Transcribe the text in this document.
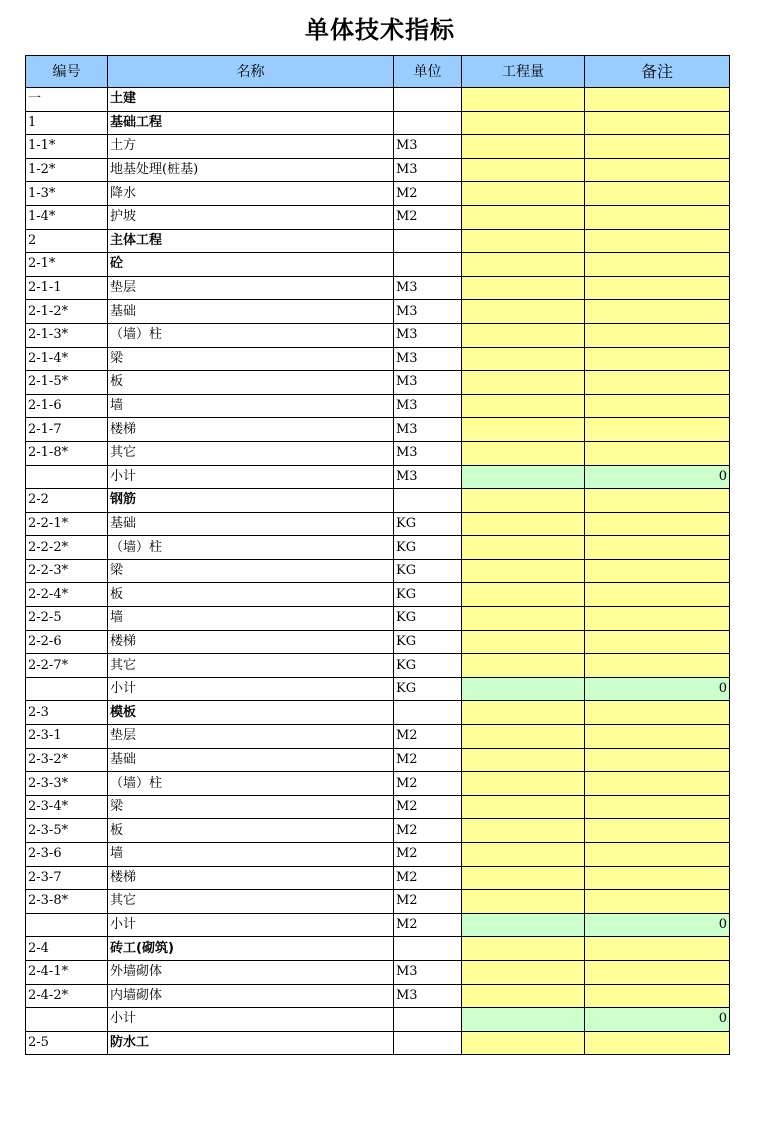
单体技术指标
编号	名称	单位	工程量	备注
一	土建			
1	基础工程			
1-1*	土方	M3		
1-2*	地基处理(桩基)	M3		
1-3*	降水	M2		
1-4*	护坡	M2		
2	主体工程			
2-1*	砼			
2-1-1	垫层	M3		
2-1-2*	基础	M3		
2-1-3*	（墙）柱	M3		
2-1-4*	梁	M3		
2-1-5*	板	M3		
2-1-6	墙	M3		
2-1-7	楼梯	M3		
2-1-8*	其它	M3		
	小计	M3		0
2-2	钢筋			
2-2-1*	基础	KG		
2-2-2*	（墙）柱	KG		
2-2-3*	梁	KG		
2-2-4*	板	KG		
2-2-5	墙	KG		
2-2-6	楼梯	KG		
2-2-7*	其它	KG		
	小计	KG		0
2-3	模板			
2-3-1	垫层	M2		
2-3-2*	基础	M2		
2-3-3*	（墙）柱	M2		
2-3-4*	梁	M2		
2-3-5*	板	M2		
2-3-6	墙	M2		
2-3-7	楼梯	M2		
2-3-8*	其它	M2		
	小计	M2		0
2-4	砖工(砌筑)			
2-4-1*	外墙砌体	M3		
2-4-2*	内墙砌体	M3		
	小计			0
2-5	防水工			
